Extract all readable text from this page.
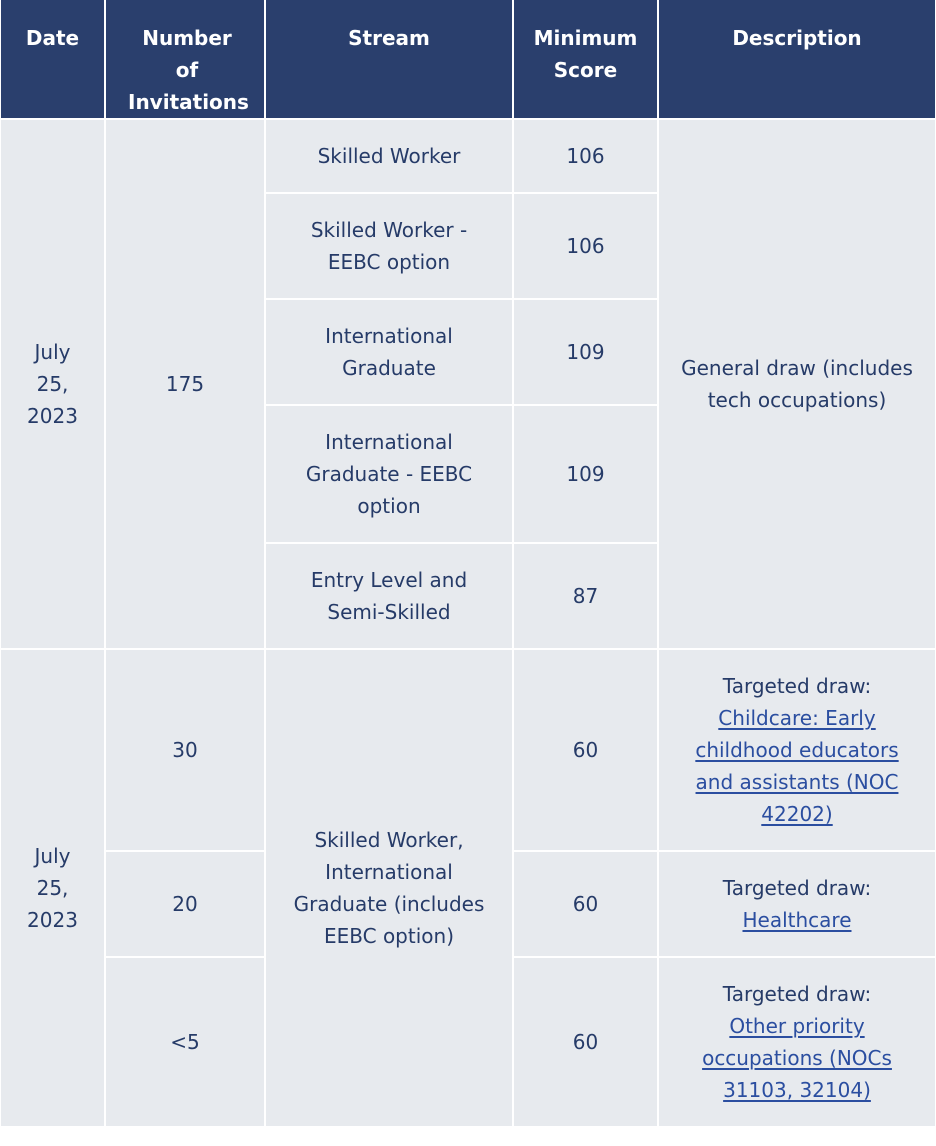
Date	Number of Invitations	Stream	Minimum Score	Description
July 25, 2023	175	Skilled Worker	106	General draw (includes tech occupations)
		Skilled Worker - EEBC option	106	
		International Graduate	109	
		International Graduate - EEBC option	109	
		Entry Level and Semi-Skilled	87	
July 25, 2023	30	Skilled Worker, International Graduate (includes EEBC option)	60	Targeted draw:
Childcare: Early childhood educators and assistants (NOC 42202)
	20		60	Targeted draw:
Healthcare
	<5		60	Targeted draw:
Other priority occupations (NOCs 31103, 32104)
